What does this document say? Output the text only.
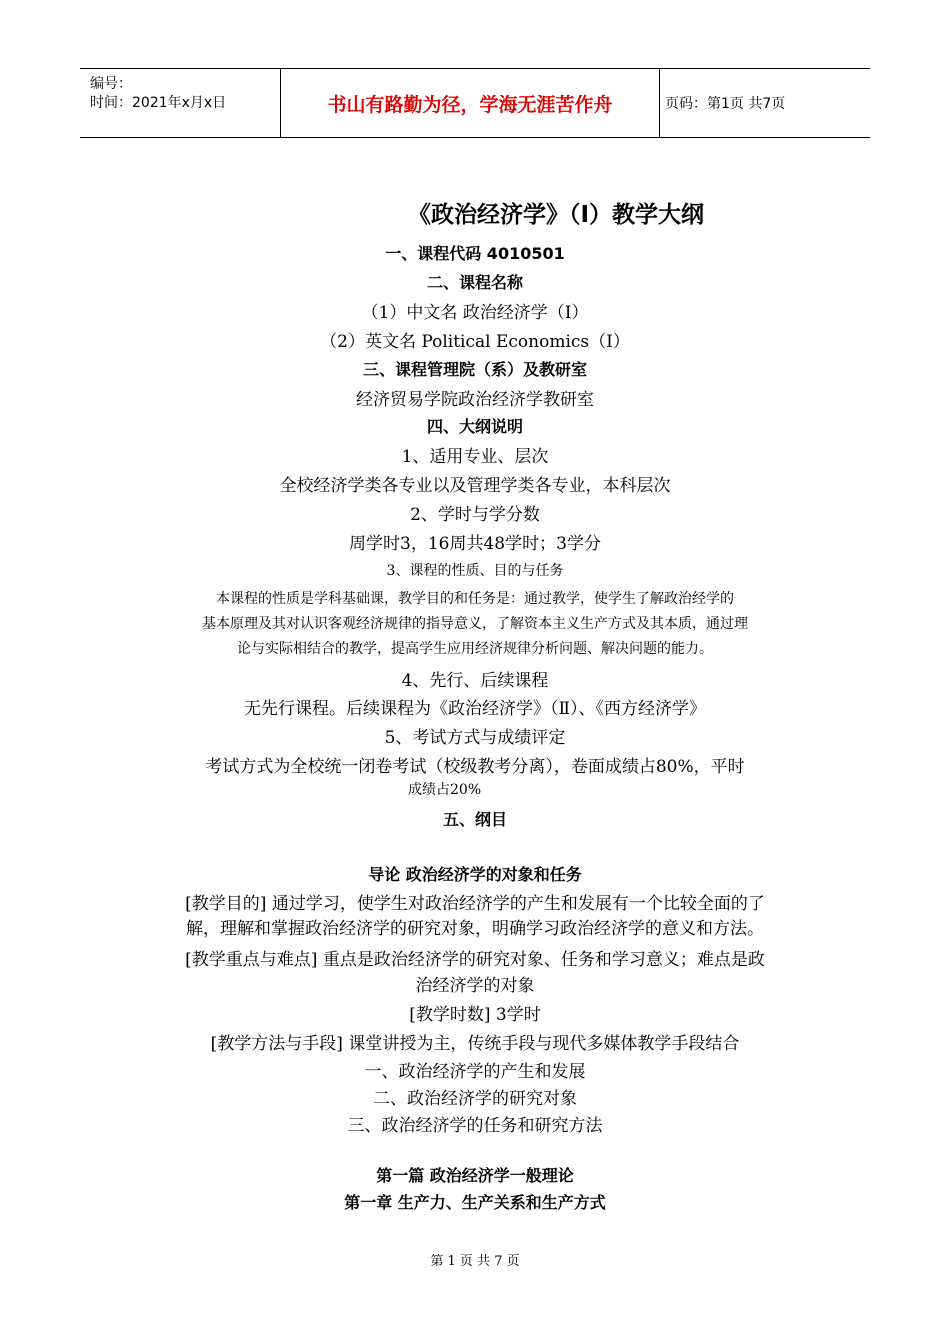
编号：
时间：2021年x月x日	书山有路勤为径，学海无涯苦作舟	页码：第1页 共7页
《政治经济学》（Ⅰ）教学大纲
一、课程代码 4010501
二、课程名称
（1）中文名 政治经济学（Ⅰ）
（2）英文名 Political Economics（Ⅰ）
三、课程管理院（系）及教研室
经济贸易学院政治经济学教研室
四、大纲说明
1、适用专业、层次
全校经济学类各专业以及管理学类各专业，本科层次
2、学时与学分数
周学时3，16周共48学时；3学分
3、课程的性质、目的与任务
本课程的性质是学科基础课，教学目的和任务是：通过教学，使学生了解政治经学的
基本原理及其对认识客观经济规律的指导意义，了解资本主义生产方式及其本质，通过理
论与实际相结合的教学，提高学生应用经济规律分析问题、解决问题的能力。
4、先行、后续课程
无先行课程。后续课程为《政治经济学》（Ⅱ）、《西方经济学》
5、考试方式与成绩评定
考试方式为全校统一闭卷考试（校级教考分离），卷面成绩占80%，平时
成绩占20%
五、纲目
导论 政治经济学的对象和任务
[教学目的] 通过学习，使学生对政治经济学的产生和发展有一个比较全面的了
解，理解和掌握政治经济学的研究对象，明确学习政治经济学的意义和方法。
[教学重点与难点] 重点是政治经济学的研究对象、任务和学习意义；难点是政
治经济学的对象
[教学时数] 3学时
[教学方法与手段] 课堂讲授为主，传统手段与现代多媒体教学手段结合
一、政治经济学的产生和发展
二、政治经济学的研究对象
三、政治经济学的任务和研究方法
第一篇 政治经济学一般理论
第一章 生产力、生产关系和生产方式
第 1 页 共 7 页
